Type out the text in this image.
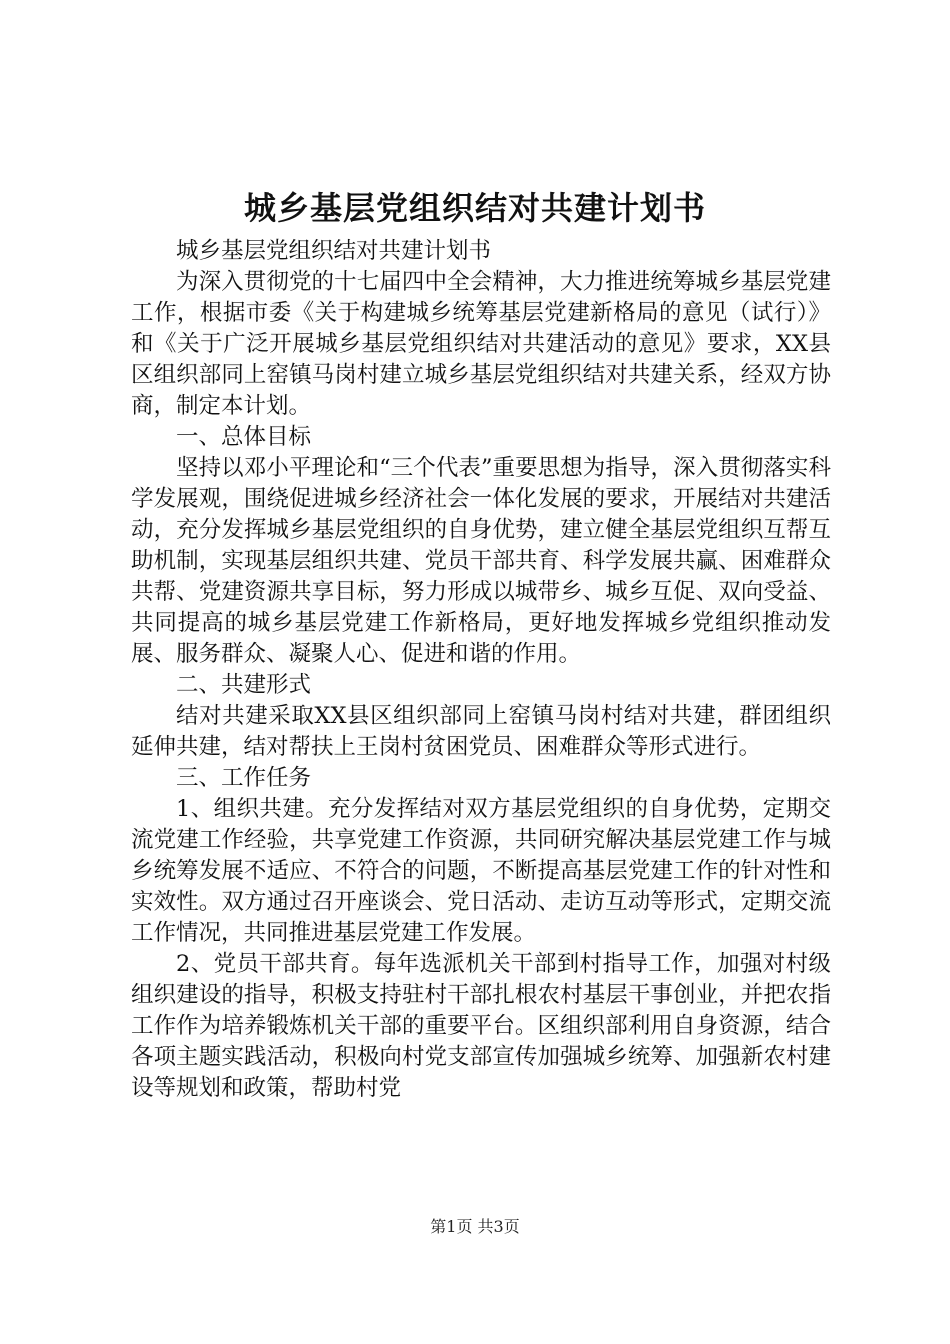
城乡基层党组织结对共建计划书

城乡基层党组织结对共建计划书

为深入贯彻党的十七届四中全会精神，大力推进统筹城乡基层党建工作，根据市委《关于构建城乡统筹基层党建新格局的意见（试行）》和《关于广泛开展城乡基层党组织结对共建活动的意见》要求，XX县区组织部同上窑镇马岗村建立城乡基层党组织结对共建关系，经双方协商，制定本计划。

一、总体目标

坚持以邓小平理论和“三个代表”重要思想为指导，深入贯彻落实科学发展观，围绕促进城乡经济社会一体化发展的要求，开展结对共建活动，充分发挥城乡基层党组织的自身优势，建立健全基层党组织互帮互助机制，实现基层组织共建、党员干部共育、科学发展共赢、困难群众共帮、党建资源共享目标，努力形成以城带乡、城乡互促、双向受益、共同提高的城乡基层党建工作新格局，更好地发挥城乡党组织推动发展、服务群众、凝聚人心、促进和谐的作用。

二、共建形式

结对共建采取XX县区组织部同上窑镇马岗村结对共建，群团组织延伸共建，结对帮扶上王岗村贫困党员、困难群众等形式进行。

三、工作任务

1、组织共建。充分发挥结对双方基层党组织的自身优势，定期交流党建工作经验，共享党建工作资源，共同研究解决基层党建工作与城乡统筹发展不适应、不符合的问题，不断提高基层党建工作的针对性和实效性。双方通过召开座谈会、党日活动、走访互动等形式，定期交流工作情况，共同推进基层党建工作发展。

2、党员干部共育。每年选派机关干部到村指导工作，加强对村级组织建设的指导，积极支持驻村干部扎根农村基层干事创业，并把农指工作作为培养锻炼机关干部的重要平台。区组织部利用自身资源，结合各项主题实践活动，积极向村党支部宣传加强城乡统筹、加强新农村建设等规划和政策，帮助村党

第1页 共3页
